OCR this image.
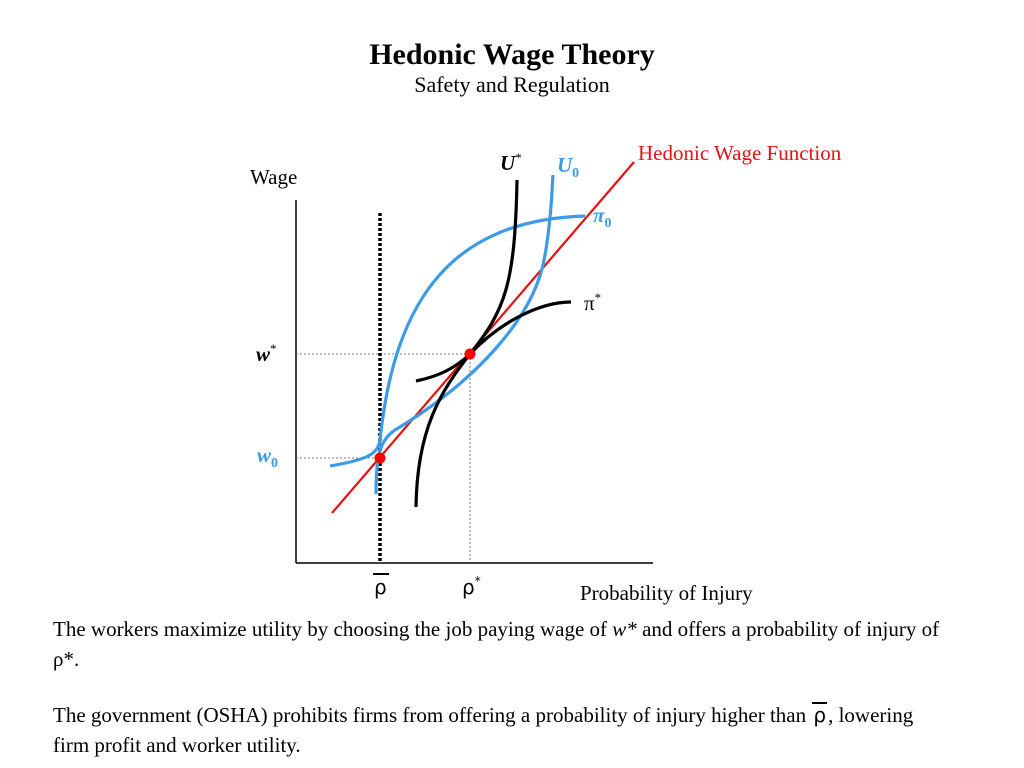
Hedonic Wage Theory
Safety and Regulation
Hedonic Wage Function
Wage
Probability of Injury
U* $U_0$
$\pi_0$
π*
w*
$w_0$
ρ	ρ*
The workers maximize utility by choosing the job paying wage of w* and offers a probability of injury of ρ*.
The government (OSHA) prohibits firms from offering a probability of injury higher than ρ, lowering firm profit and worker utility.
